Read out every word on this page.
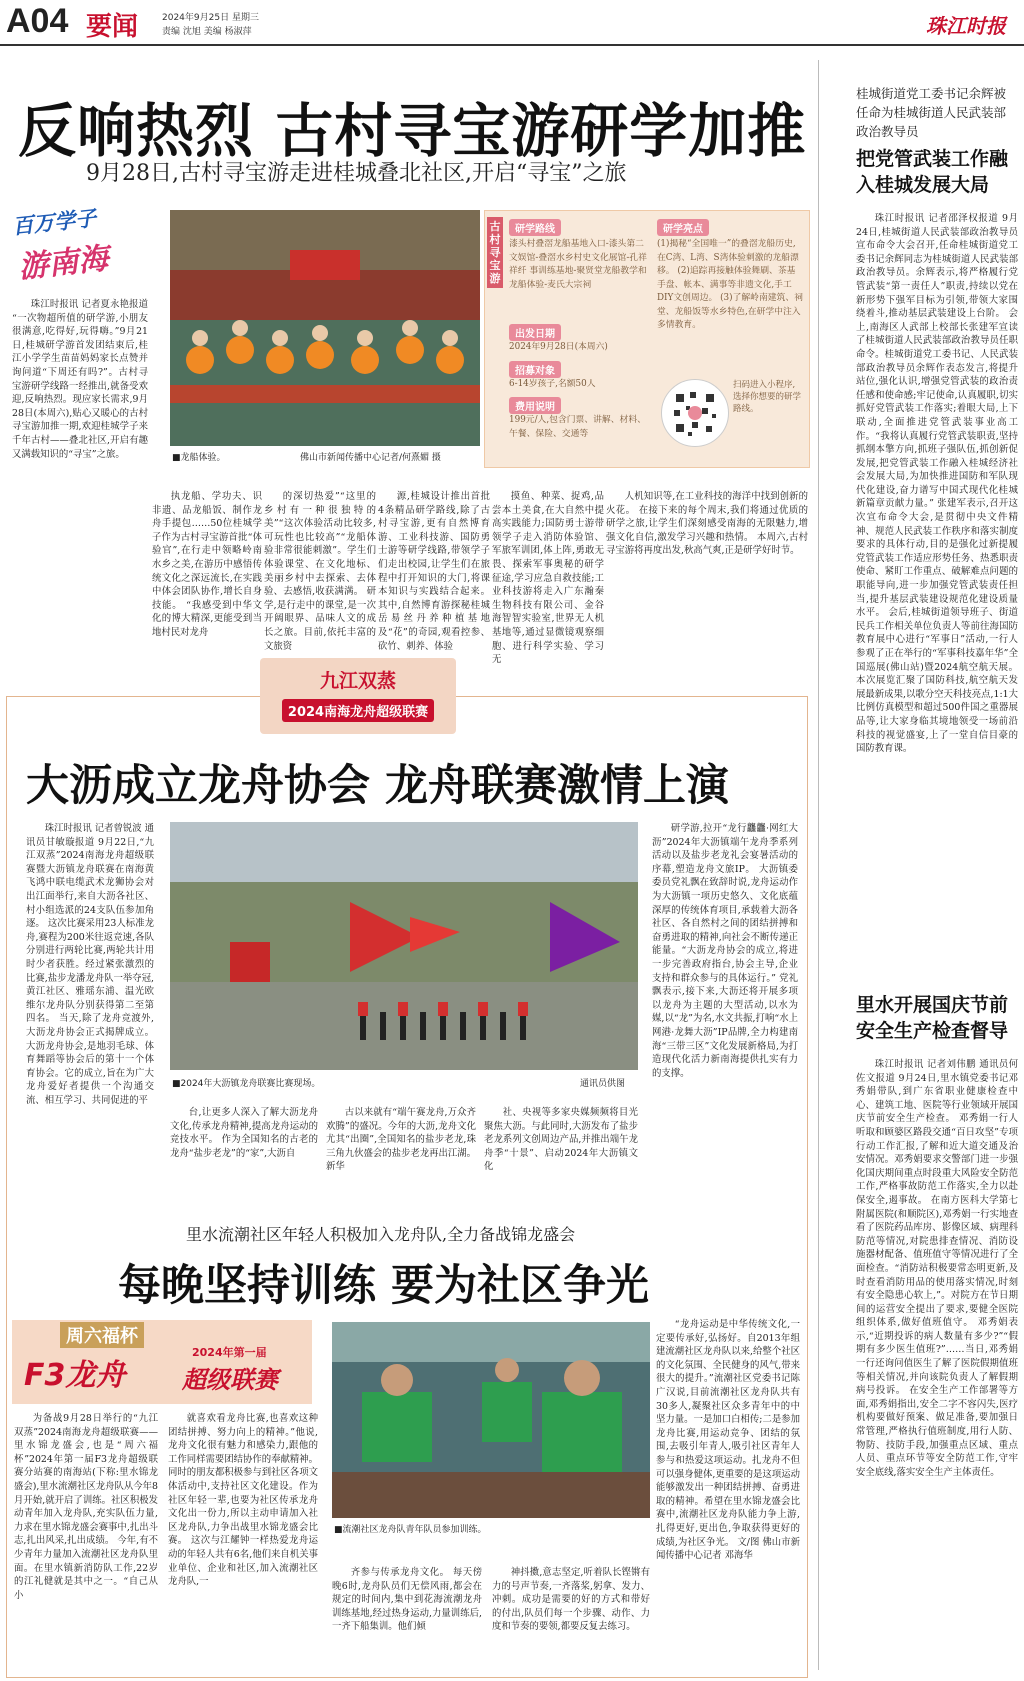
A04 要闻	2024年9月25日 星期三
责编 沈旭 美编 杨淑萍	珠江时报
反响热烈 古村寻宝游研学加推
9月28日,古村寻宝游走进桂城叠北社区,开启“寻宝”之旅
百万学子
游南海

珠江时报讯 记者夏永艳报道 “一次物超所值的研学游,小朋友很满意,吃得好,玩得嗨。”9月21日,桂城研学游首发团结束后,桂江小学学生苗苗妈妈家长点赞并询问道“下周还有吗?”。古村寻宝游研学线路一经推出,就备受欢迎,反响热烈。现应家长需求,9月28日(本周六),贴心又暖心的古村寻宝游加推一期,欢迎桂城学子来千年古村——叠北社区,开启有趣又满载知识的“寻宝”之旅。	■龙船体验。	佛山市新闻传播中心记者/何熹媚 摄
古村寻宝游
研学路线
漆头村叠滘龙船基地入口-漆头第二文娱馆-叠滘水乡村史文化展馆-孔祥祥纤 事训练基地-聚贤堂龙船教学和龙船体验-麦氏大宗祠
出发日期
2024年9月28日(本周六)
招募对象
6-14岁孩子,名额50人
费用说明
199元/人,包含门票、讲解、材料、午餐、保险、交通等
研学亮点
(1)揭秘“全国唯一”的叠滘龙船历史,在C湾、L湾、S湾体验刺激的龙船漂移。 (2)追踪再接触体验舞刷、茶基手盘、帐本、满事等非遗文化,手工DIY文创周边。 (3)了解岭南建筑、祠堂、龙船饭等水乡特色,在研学中注入多情教育。
扫码进入小程序,选择你想要的研学路线。

执龙船、学功夫、识非遗、品龙船饭、制作龙舟手提包……50位桂城学子作为古村寻宝游首批“体验官”,在行走中领略岭南水乡之美,在游历中感悟传统文化之深远流长,在实践中体会团队协作,增长自身技能。 “我感受到中华文化的博大精深,更能受到当地村民对龙舟

的深切热爱”“这里的乡村有一种很独特的美”“这次体验活动比较多,可玩性也比较高”“龙船体验非常很能刺激”。学生们体验课堂、在文化地标、美丽乡村中去探索、去体验、去感悟,收获满满。 研学,是行走中的课堂,是一次开阔眼界、品味人文的成长之旅。目前,依托丰富的文旅资

源,桂城设计推出首批4条精品研学路线,除了古村寻宝游,更有自然博育游、工业科技游、国防勇士游等研学线路,带领学子们走出校园,让学生们在旅程中打开知识的大门,将课本知识与实践结合起来。 其中,自然博育游探秘桂城岳易丝丹养种植基地及“花”的奇园,观看控参、砍竹、刺养、体验

摸鱼、种菜、捉鸡,品尝本土美食,在大自然中提高实践能力;国防勇士游带领学子走入消防体验馆、军旅军训团,体上阵,勇敢无畏、探索军事奥秘的研学征途,学习应急自救技能;工业科技游将走入广东瀚秦生物科技有限公司、金谷海智智实验室,世界无人机基地等,通过显微镜观察细胞、进行科学实验、学习无

人机知识等,在工业科技的海洋中找到创新的火花。 在接下来的每个周末,我们将通过优质的研学之旅,让学生们深刻感受南海的无限魅力,增强文化自信,激发学习兴趣和热情。 本周六,古村寻宝游将再度出发,秋高气爽,正是研学好时节。

九江双蒸
2024南海龙舟超级联赛
大沥成立龙舟协会 龙舟联赛激情上演
■2024年大沥镇龙舟联赛比赛现场。	通讯员供图

珠江时报讯 记者曾锐波 通讯员甘敏璇报道 9月22日,“九江双蒸”2024南海龙舟超级联赛暨大沥镇龙舟联赛在南海黄飞鸿中联电缆武术龙狮协会对出江面举行,来自大沥各社区、村小组选派的24支队伍参加角逐。 这次比赛采用23人标准龙舟,赛程为200米往返竞速,各队分别进行两轮比赛,两轮共计用时少者获胜。经过紧张激烈的比赛,盐步龙潘龙舟队一举夺冠,黄江社区、雅瑶东浦、温光欧维尔龙舟队分别获得第二至第四名。 当天,除了龙舟竞渡外,大沥龙舟协会正式揭牌成立。大沥龙舟协会,是地羽毛球、体育舞蹈等协会后的第十一个体育协会。它的成立,旨在为广大龙舟爱好者提供一个沟通交流、相互学习、共同促进的平

台,让更多人深入了解大沥龙舟文化,传承龙舟精神,提高龙舟运动的竞技水平。 作为全国知名的古老的龙舟“盐步老龙”的“家”,大沥自

古以来就有“端午赛龙舟,万众齐欢腾”的盛况。今年的大沥,龙舟文化尤其“出圈”,全国知名的盐步老龙,珠三角九伙盛会的盐步老龙再出江湖。新华

社、央视等多家央媒频频将目光聚焦大沥。与此同时,大沥发布了盐步老龙系列文创周边产品,并推出端午龙舟季“十景”、启动2024年大沥镇文化

研学游,拉开“龙行龘龘·网红大沥”2024年大沥镇端午龙舟季系列活动以及盐步老龙礼会宴暑活动的序幕,塑造龙舟文旅IP。 大沥镇委委员党礼飘在致辞时说,龙舟运动作为大沥镇一项历史悠久、文化底蕴深厚的传统体育项目,承载着大沥各社区、各自然村之间的团结拼搏和奋勇进取的精神,向社会不断传递正能量。“大沥龙舟协会的成立,将进一步完善政府指台,协会主导,企业支持和群众参与的具体运行。” 党礼飘表示,接下来,大沥还将开展多项以龙舟为主题的大型活动,以水为媒,以“龙”为名,水文共振,打响“水上网港·龙舞大沥”IP品牌,全力构建南海“三带三区”文化发展新格局,为打造现代化活力新南海提供扎实有力的支撑。

里水流潮社区年轻人积极加入龙舟队,全力备战锦龙盛会
每晚坚持训练 要为社区争光
周六福杯
F3龙舟
2024年第一届
超级联赛
■流潮社区龙舟队青年队员参加训练。

为备战9月28日举行的“九江双蒸”2024南海龙舟超级联赛——里水锦龙盛会,也是“周六福杯”2024年第一届F3龙舟超级联赛分站赛的南海站(下称:里水锦龙盛会),里水流潮社区龙舟队从今年8月开始,就开启了训练。社区积极发动青年加入龙舟队,充实队伍力量,力求在里水锦龙盛会赛事中,扎出斗志,扎出风采,扎出成绩。 今年,有不少青年力量加入流潮社区龙舟队里面。在里水镇新消防队工作,22岁的江礼健就是其中之一。“自己从小

就喜欢看龙舟比赛,也喜欢这种团结拼搏、努力向上的精神。”他说,龙舟文化很有魅力和感染力,跟他的工作同样需要团结协作的奉献精神。同时的朋友都积极参与到社区各项文体活动中,支持社区文化建设。作为社区年轻一辈,也要为社区传承龙舟文化出一份力,所以主动申请加入社区龙舟队,力争出战里水锦龙盛会比赛。 这次与江耀钟一样热爱龙舟运动的年轻人共有6名,他们来自机关事业单位、企业和社区,加入流潮社区龙舟队,一

齐参与传承龙舟文化。 每天傍晚6时,龙舟队员们无偿风雨,都会在规定的时间内,集中到花海流潮龙舟训练基地,经过热身运动,力量训练后,一齐下船集训。他们倾

神抖擞,意志坚定,听着队长铿锵有力的号声节奏,一齐落桨,躬拿、发力、冲刺。成功是需要的好的方式和带好的付出,队员们每一个步骤、动作、力度和节奏的要领,都要反复去练习。

“龙舟运动是中华传统文化,一定要传承好,弘扬好。自2013年组建流潮社区龙舟队以来,给整个社区的文化氛围、全民健身的风气,带来很大的提升。”流潮社区党委书记陈广汉说,目前流潮社区龙舟队共有30多人,凝聚社区众多青年中的中坚力量。一是加口白相传;二是参加龙舟比赛,用运动竞争、团结的氛围,去吸引年青人,吸引社区青年人参与和热爱这项运动。扎龙舟不但可以强身健体,更重要的是这项运动能够激发出一种团结拼搏、奋勇进取的精神。希望在里水锦龙盛会比赛中,流潮社区龙舟队能力争上游,扎得更好,更出色,争取获得更好的成绩,为社区争光。 文/图 佛山市新闻传播中心记者 邓海华

桂城街道党工委书记余辉被任命为桂城街道人民武装部政治教导员
把党管武装工作融入桂城发展大局

珠江时报讯 记者邵泽权报道 9月24日,桂城街道人民武装部政治教导员宣布命令大会召开,任命桂城街道党工委书记余辉同志为桂城街道人民武装部政治教导员。余辉表示,将严格履行党管武装“第一责任人”职责,持续以党在新形势下强军目标为引领,带领大家围绕着斗,推动基层武装建设上台阶。 会上,南海区人武部上校部长张建军宣读了桂城街道人民武装部政治教导员任职命令。桂城街道党工委书记、人民武装部政治教导员余辉作表态发言,将提升站位,强化认识,增强党管武装的政治责任感和使命感;牢记使命,认真履职,切实抓好党管武装工作落实;着眼大局,上下联动,全面推进党管武装事业高工作。“我将认真履行党管武装职责,坚持抓纲本擎方向,抓班子强队伍,抓创新促发展,把党管武装工作融入桂城经济社会发展大局,为加快推进国防和军队现代化建设,奋力谱写中国式现代化桂城新篇章贡献力量。” 张建军表示,召开这次宣布命令大会,是贯彻中央文件精神、规范人民武装工作秩序和落实制度要求的具体行动,目的是强化过新提履党管武装工作适应形势任务、热悉职责使命、紧盯工作重点、破解难点问题的职能导向,进一步加强党管武装责任担当,提升基层武装建设规范化建设质量水平。 会后,桂城街道领导班子、街道民兵工作相关单位负责人等前往海国防教育展中心进行“军事日”活动,一行人参观了正在举行的“军事科技嘉年华”全国巡展(佛山站)暨2024航空航天展。本次展览汇聚了国防科技,航空航天发展最新成果,以歌分空天科技亮点,1:1大比例仿真模型和超过500件国之重器展品等,让大家身临其境地领受一场前沿科技的视觉盛宴,上了一堂自信目豪的国防教育课。

里水开展国庆节前安全生产检查督导

珠江时报讯 记者刘伟鹏 通讯员何佐文报道 9月24日,里水镇党委书记邓秀娟带队,到广东省职业健康检查中心、建筑工地、医院等行业领域开展国庆节前安全生产检查。 邓秀娟一行人听取和顾婆区路段交通“百日攻坚”专项行动工作汇报,了解和近大道交通及治安情况。邓秀娟要求交警部门进一步强化国庆期间重点时段重大风险安全防范工作,严格事故防范工作落实,全力以赴保安全,遏事故。 在南方医科大学第七附属医院(和顺院区),邓秀娟一行实地查看了医院药品库房、影像区域、病理科防范等情况,对院患排查情况、消防设施器材配备、值班值守等情况进行了全面检查。“消防站积极要常态明更新,及时查看消防用品的使用落实情况,时刻有安全隐患心软上,”。对院方在节日期间的运营安全提出了要求,要健全医院组织体系,做好值班值守。 邓秀娟表示,“近期投诉的病人数量有多少?”“假期有多少医生值班?”……当日,邓秀娟一行还询问值医生了解了医院假期值班等相关情况,并向该院负责人了解假期病号投诉。 在安全生产工作部署等方面,邓秀娟指出,安全二字不容闪失,医疗机构要做好预案、做足准备,要加强日常管理,严格执行值班制度,用行人防、物防、技防手段,加强重点区域、重点人员、重点环节等安全防范工作,守牢安全底线,落实安全生产主体责任。
